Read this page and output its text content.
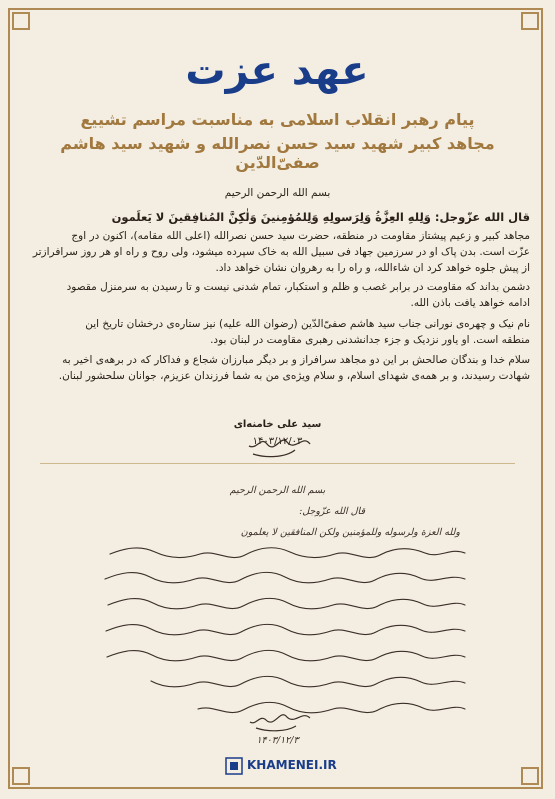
عهد عزت
پیام رهبر انقلاب اسلامی به مناسبت مراسم تشییع
مجاهد کبیر شهید سید حسن نصرالله و شهید سید هاشم صفیّ‌الدّین
بسم الله الرحمن الرحيم
قال الله عزّوجل: وَلِلهِ العِزَّةُ وَلِرَسولِهِ وَلِلمُؤمِنينَ وَلٰكِنَّ المُنافِقينَ لا يَعلَمون
مجاهد کبیر و زعیم پیشتاز مقاومت در منطقه، حضرت سید حسن نصرالله (اعلی الله مقامه)، اکنون در اوج
عزّت است. بدن پاک او در سرزمین جهاد فی سبیل الله به خاک سپرده میشود، ولی روح و راه او هر روز سرافرازتر
از پیش جلوه خواهد کرد ان شاءالله، و راه را به رهروان نشان خواهد داد.
دشمن بداند که مقاومت در برابر غصب و ظلم و استکبار، تمام شدنی نیست و تا رسیدن به سرمنزل مقصود
ادامه خواهد یافت باذن الله.
نام نیک و چهره‌ی نورانی جناب سید هاشم صفیّ‌الدّین (رضوان الله علیه) نیز ستاره‌ی درخشان تاریخ این
منطقه است. او یاور نزدیک و جزء جدانشدنی رهبری مقاومت در لبنان بود.
سلام خدا و بندگان صالحش بر این دو مجاهد سرافراز و بر دیگر مبارزان شجاع و فداکار که در برهه‌ی اخیر به
شهادت رسیدند، و بر همه‌ی شهدای اسلام، و سلام ویژه‌ی من به شما فرزندان عزیزم، جوانان سلحشور لبنان.
سید علی خامنه‌ای
۱۴۰۳/۱۲/۰۳
بسم الله الرحمن الرحیم
قال الله عزّوجل:
ولله العزة ولرسوله وللمؤمنین ولکن المنافقین لا یعلمون
۱۴۰۳/۱۲/۳
KHAMENEI.IR
